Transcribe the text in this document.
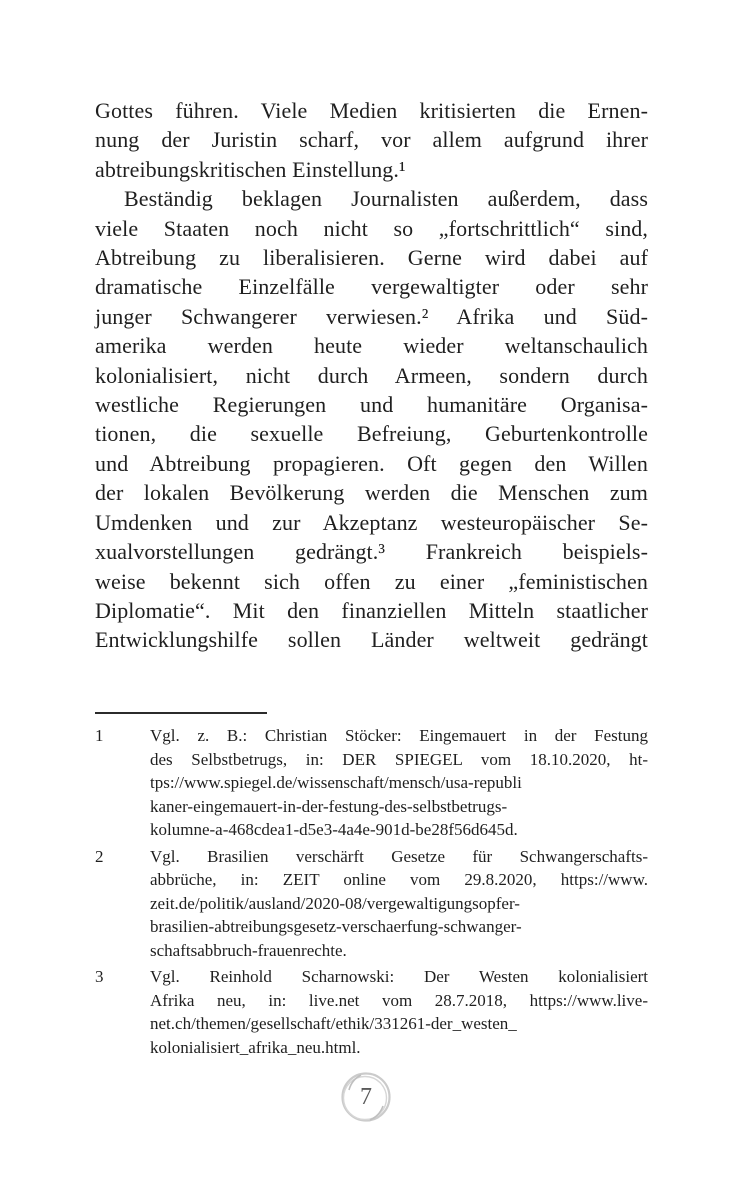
Gottes führen. Viele Medien kritisierten die Ernen-
nung der Juristin scharf, vor allem aufgrund ihrer
abtreibungskritischen Einstellung.¹
Beständig beklagen Journalisten außerdem, dass
viele Staaten noch nicht so „fortschrittlich“ sind,
Abtreibung zu liberalisieren. Gerne wird dabei auf
dramatische Einzelfälle vergewaltigter oder sehr
junger Schwangerer verwiesen.² Afrika und Süd-
amerika werden heute wieder weltanschaulich
kolonialisiert, nicht durch Armeen, sondern durch
westliche Regierungen und humanitäre Organisa-
tionen, die sexuelle Befreiung, Geburtenkontrolle
und Abtreibung propagieren. Oft gegen den Willen
der lokalen Bevölkerung werden die Menschen zum
Umdenken und zur Akzeptanz westeuropäischer Se-
xualvorstellungen gedrängt.³ Frankreich beispiels-
weise bekennt sich offen zu einer „feministischen
Diplomatie“. Mit den finanziellen Mitteln staatlicher
Entwicklungshilfe sollen Länder weltweit gedrängt
1	Vgl. z. B.: Christian Stöcker: Eingemauert in der Festung
des Selbstbetrugs, in: DER SPIEGEL vom 18.10.2020, ht-
tps://www.spiegel.de/wissenschaft/mensch/usa-republi
kaner-eingemauert-in-der-festung-des-selbstbetrugs-
kolumne-a-468cdea1-d5e3-4a4e-901d-be28f56d645d.
2	Vgl. Brasilien verschärft Gesetze für Schwangerschafts-
abbrüche, in: ZEIT online vom 29.8.2020, https://www.
zeit.de/politik/ausland/2020-08/vergewaltigungsopfer-
brasilien-abtreibungsgesetz-verschaerfung-schwanger-
schaftsabbruch-frauenrechte.
3	Vgl. Reinhold Scharnowski: Der Westen kolonialisiert
Afrika neu, in: live.net vom 28.7.2018, https://www.live-
net.ch/themen/gesellschaft/ethik/331261-der_westen_
kolonialisiert_afrika_neu.html.
7
